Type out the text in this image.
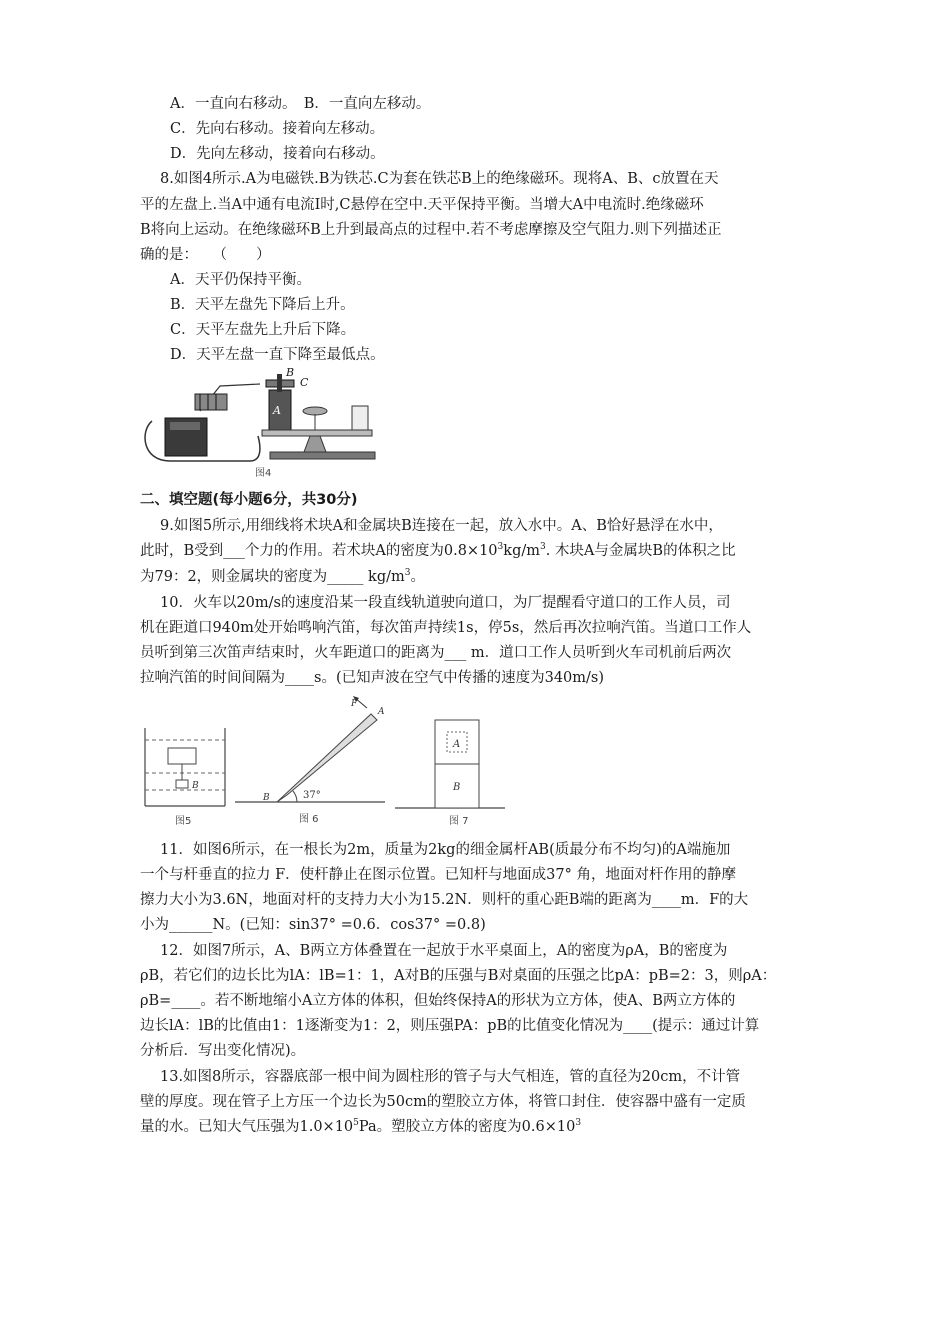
A．一直向右移动。　B．一直向左移动。
C．先向右移动。接着向左移动。
D．先向左移动，接着向右移动。
8.如图4所示.A为电磁铁.B为铁芯.C为套在铁芯B上的绝缘磁环。现将A、B、c放置在天
平的左盘上.当A中通有电流I时,C悬停在空中.天平保持平衡。当增大A中电流时.绝缘磁环
B将向上运动。在绝缘磁环B上升到最高点的过程中.若不考虑摩擦及空气阻力.则下列描述正
确的是：　　（　　）
A．天平仍保持平衡。
B．天平左盘先下降后上升。
C．天平左盘先上升后下降。
D．天平左盘一直下降至最低点。
B
C
A
图4
二、填空题(每小题6分，共30分)
9.如图5所示,用细线将术块A和金属块B连接在一起，放入水中。A、B恰好悬浮在水中，
此时，B受到___个力的作用。若术块A的密度为$0.8\times 10^3kg/m^3$. 木块A与金属块B的体积之比
为79：2，则金属块的密度为_____ $kg/m^3$。
10．火车以20m/s的速度沿某一段直线轨道驶向道口，为厂提醒看守道口的工作人员，司
机在距道口940m处开始鸣响汽笛，每次笛声持续1s，停5s，然后再次拉响汽笛。当道口工作人
员听到第三次笛声结束时，火车距道口的距离为___ m．道口工作人员听到火车司机前后两次
拉响汽笛的时间间隔为____s。(已知声波在空气中传播的速度为340m/s)
B
图5
F
A
B	37°
图 6
A
B
图 7
11．如图6所示，在一根长为2m，质量为2kg的细金属杆AB(质最分布不均匀)的A端施加
一个与杆垂直的拉力 F．使杆静止在图示位置。已知杆与地面成37° 角，地面对杆作用的静摩
擦力大小为3.6N，地面对杆的支持力大小为15.2N．则杆的重心距B端的距离为____m．F的大
小为______N。(已知：sin37° =0.6．cos37° =0.8)
12．如图7所示，A、B两立方体叠置在一起放于水平桌面上，A的密度为ρA，B的密度为
ρB，若它们的边长比为lA：lB=1：1，A对B的压强与B对桌面的压强之比pA：pB=2：3，则ρA：
ρB=____。若不断地缩小A立方体的体积，但始终保持A的形状为立方体，使A、B两立方体的
边长lA：lB的比值由1：1逐渐变为1：2，则压强PA：pB的比值变化情况为____(提示：通过计算
分析后．写出变化情况)。
13.如图8所示，容器底部一根中间为圆柱形的管子与大气相连，管的直径为20cm，不计管
壁的厚度。现在管子上方压一个边长为50cm的塑胶立方体，将管口封住．使容器中盛有一定质
量的水。已知大气压强为$1.0\times 10^5Pa$。塑胶立方体的密度为$0.6\times 10^3$
